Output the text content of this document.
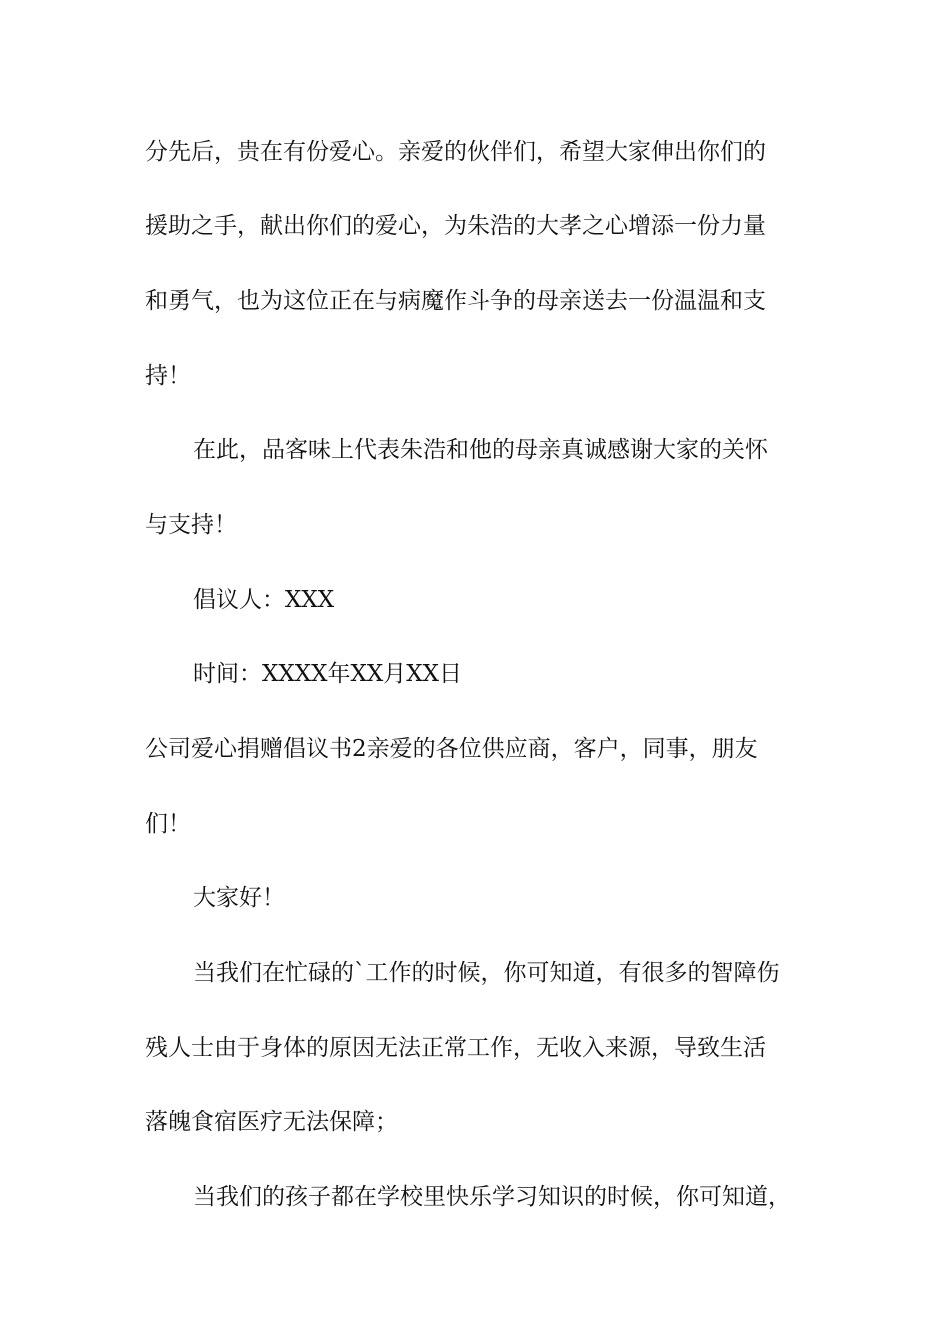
分先后，贵在有份爱心。亲爱的伙伴们，希望大家伸出你们的
援助之手，献出你们的爱心，为朱浩的大孝之心增添一份力量
和勇气，也为这位正在与病魔作斗争的母亲送去一份温温和支
持！
在此，品客味上代表朱浩和他的母亲真诚感谢大家的关怀
与支持！
倡议人：XXX
时间：XXXX年XX月XX日
公司爱心捐赠倡议书2亲爱的各位供应商，客户，同事，朋友
们！
大家好！
当我们在忙碌的`工作的时候，你可知道，有很多的智障伤
残人士由于身体的原因无法正常工作，无收入来源，导致生活
落魄食宿医疗无法保障；
当我们的孩子都在学校里快乐学习知识的时候，你可知道，
